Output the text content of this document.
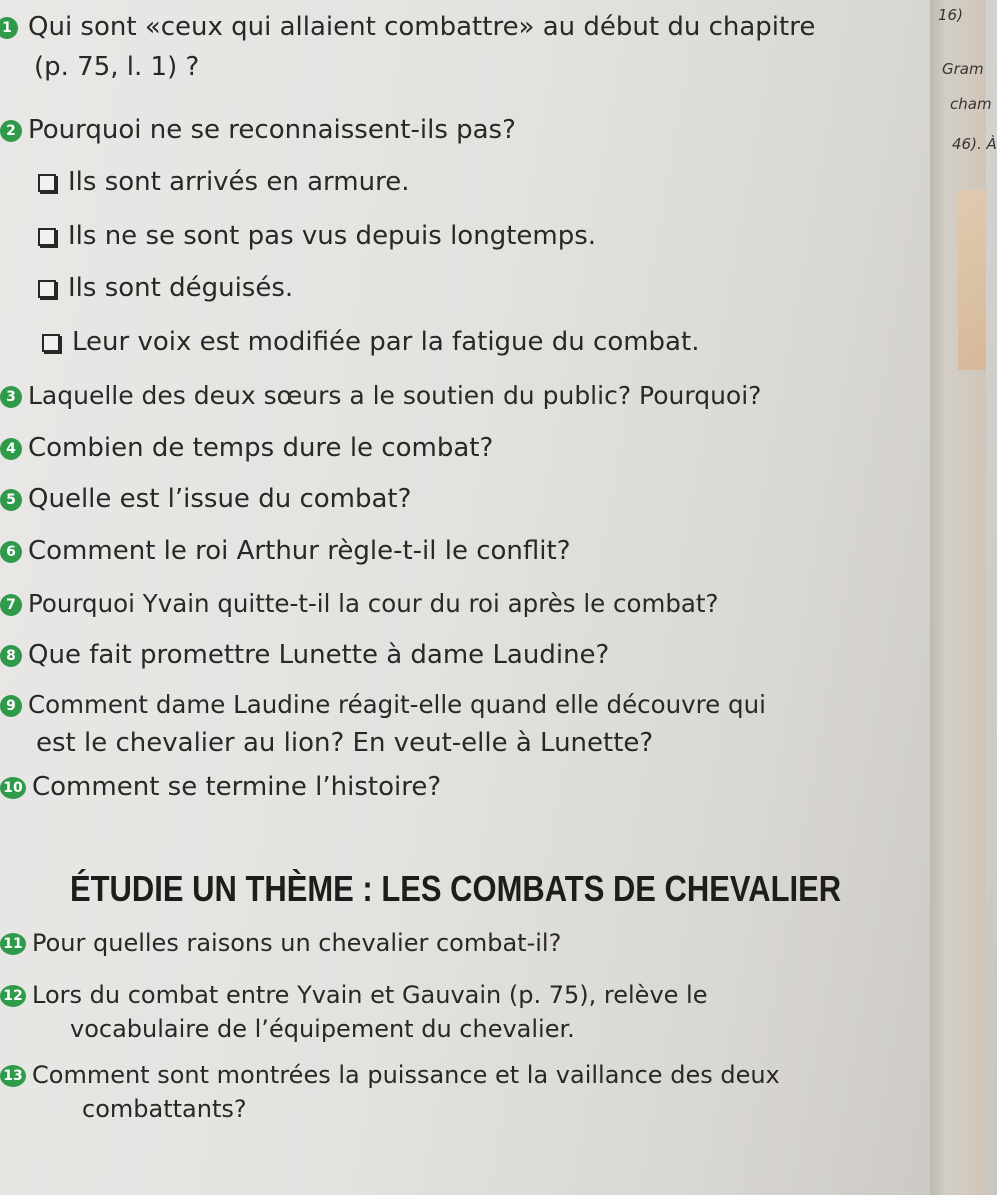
1 Qui sont «ceux qui allaient combattre» au début du chapitre
(p. 75, l. 1) ?
2 Pourquoi ne se reconnaissent-ils pas?
Ils sont arrivés en armure.
Ils ne se sont pas vus depuis longtemps.
Ils sont déguisés.
Leur voix est modifiée par la fatigue du combat.
3 Laquelle des deux sœurs a le soutien du public? Pourquoi?
4 Combien de temps dure le combat?
5 Quelle est l’issue du combat?
6 Comment le roi Arthur règle-t-il le conflit?
7 Pourquoi Yvain quitte-t-il la cour du roi après le combat?
8 Que fait promettre Lunette à dame Laudine?
9 Comment dame Laudine réagit-elle quand elle découvre qui
est le chevalier au lion? En veut-elle à Lunette?
10 Comment se termine l’histoire?
ÉTUDIE UN THÈME : LES COMBATS DE CHEVALIER
11 Pour quelles raisons un chevalier combat-il?
12 Lors du combat entre Yvain et Gauvain (p. 75), relève le
vocabulaire de l’équipement du chevalier.
13 Comment sont montrées la puissance et la vaillance des deux
combattants?
16)
Gram
cham
46). À
